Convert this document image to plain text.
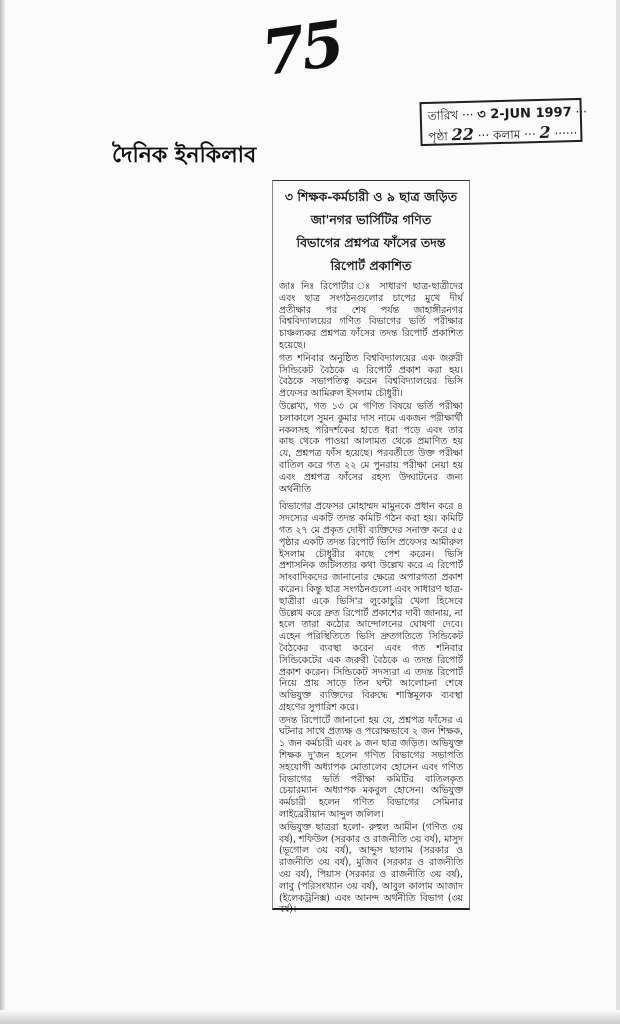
75
দৈনিক ইনকিলাব
তারিখ ··· ৩ 2-JUN 1997 ···
পৃষ্ঠা 22 ··· কলাম ··· 2 ······
৩ শিক্ষক-কর্মচারী ও ৯ ছাত্র জড়িত
জা'নগর ভার্সিটির গণিত
বিভাগের প্রশ্নপত্র ফাঁসের তদন্ত
রিপোর্ট প্রকাশিত

জাঃ নিঃ রিপোর্টার ঃ সাধারণ ছাত্র-ছাত্রীদের এবং ছাত্র সংগঠনগুলোর চাপের মুখে দীর্ঘ প্রতীক্ষার পর শেষ পর্যন্ত জাহাঙ্গীরনগর বিশ্ববিদ্যালয়ের গণিত বিভাগের ভর্তি পরীক্ষার চাঞ্চল্যকর প্রশ্নপত্র ফাঁসের তদন্ত রিপোর্ট প্রকাশিত হয়েছে।

গত শনিবার অনুষ্ঠিত বিশ্ববিদ্যালয়ের এক জরুরী সিন্ডিকেট বৈঠকে এ রিপোর্ট প্রকাশ করা হয়। বৈঠকে সভাপতিত্ব করেন বিশ্ববিদ্যালয়ের ভিসি প্রফেসর আমিরুল ইসলাম চৌধুরী।

উল্লেখ্য, গত ১৩ মে গণিত বিষয়ে ভর্তি পরীক্ষা চলাকালে সুমন কুমার দাস নামে একজন পরীক্ষার্থী নকলসহ পরিদর্শকের হাতে ধরা পড়ে এবং তার কাছ থেকে পাওয়া আলামত থেকে প্রমাণিত হয় যে, প্রশ্নপত্র ফাঁস হয়েছে। পরবর্তীতে উক্ত পরীক্ষা বাতিল করে গত ২২ মে পুনরায় পরীক্ষা নেয়া হয় এবং প্রশ্নপত্র ফাঁসের রহস্য উদ্ঘাটনের জন্য অর্থনীতি

বিভাগের প্রফেসর মোহাম্মদ মামুনকে প্রধান করে ৪ সদস্যের একটি তদন্ত কমিটি গঠন করা হয়। কমিটি গত ২৭ মে প্রকৃত দোষী ব্যক্তিদের সনাক্ত করে ৫৫ পৃষ্ঠার একটি তদন্ত রিপোর্ট ভিসি প্রফেসর আমীরুল ইসলাম চৌধুরীর কাছে পেশ করেন। ভিসি প্রশাসনিক জটিলতার কথা উল্লেখ করে এ রিপোর্ট সাংবাদিকদের জানানোর ক্ষেত্রে অপারগতা প্রকাশ করেন। কিন্তু ছাত্র সংগঠনগুলো এবং সাধারণ ছাত্র-ছাত্রীরা একে ভিসি'র লুকোচুরি খেলা হিসেবে উল্লেখ করে দ্রুত রিপোর্ট প্রকাশের দাবী জানায়, না হলে তারা কঠোর আন্দোলনের ঘোষণা দেবে। এহেন পরিস্থিতিতে ভিসি দ্রুতগতিতে সিন্ডিকেট বৈঠকের ব্যবস্থা করেন এবং গত শনিবার সিন্ডিকেটের এক জরুরী বৈঠকে এ তদন্ত রিপোর্ট প্রকাশ করেন। সিন্ডিকেট সদস্যরা এ তদন্ত রিপোর্ট নিয়ে প্রায় সাড়ে তিন ঘন্টা আলোচনা শেষে অভিযুক্ত ব্যক্তিদের বিরুদ্ধে শাস্তিমূলক ব্যবস্থা গ্রহণের সুপারিশ করে।

তদন্ত রিপোর্টে জানানো হয় যে, প্রশ্নপত্র ফাঁসের এ ঘটনার সাথে প্রত্যক্ষ ও পরোক্ষভাবে ২ জন শিক্ষক, ১ জন কর্মচারী এবং ৯ জন ছাত্র জড়িত। অভিযুক্ত শিক্ষক দু'জন হলেন গণিত বিভাগের সভাপতি সহযোগী অধ্যাপক মোতালেব হোসেন এবং গণিত বিভাগের ভর্তি পরীক্ষা কমিটির বাতিলকৃত চেয়ারম্যান অধ্যাপক মকবুল হোসেন। অভিযুক্ত কর্মচারী হলেন গণিত বিভাগের সেমিনার লাইব্রেরীয়ান আব্দুল জলিল।

অভিযুক্ত ছাত্ররা হলো- রুহুল আমীন (গণিত ৩য় বর্ষ), শফিউল (সরকার ও রাজনীতি ৩য় বর্ষ), মাসুদ (ভূগোল ৩য় বর্ষ), আব্দুস ছালাম (সরকার ও রাজনীতি ৩য় বর্ষ), মুজিব (সরকার ও রাজনীতি ৩য় বর্ষ), পিয়াস (সরকার ও রাজনীতি ৩য় বর্ষ), লাবু (পরিসংখ্যান ৩য় বর্ষ), আবুল কালাম আজাদ (ইলেকট্রনিক্স) এবং আনন্দ অর্থনীতি বিভাগ (৩য় বর্ষ)।
